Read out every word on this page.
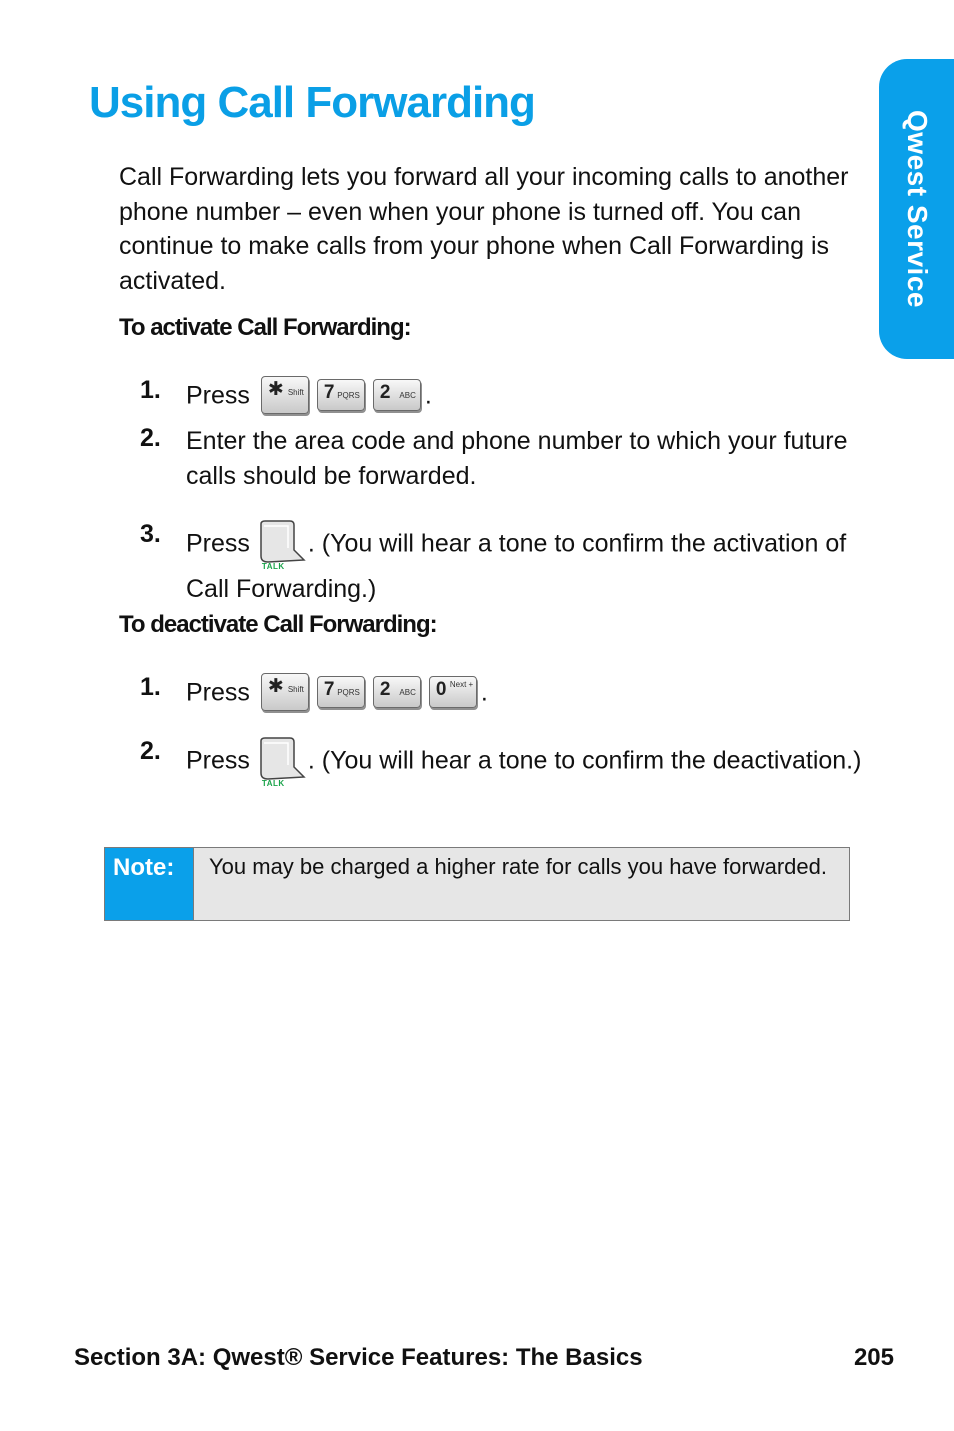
Qwest Service
Using Call Forwarding

Call Forwarding lets you forward all your incoming calls to another phone number – even when your phone is turned off. You can continue to make calls from your phone when Call Forwarding is activated.

To activate Call Forwarding:
1. Press ✱ Shift 7 PQRS 2 ABC .
2. Enter the area code and phone number to which your future calls should be forwarded.
3. Press
TALK
. (You will hear a tone to confirm the activation of Call Forwarding.)
To deactivate Call Forwarding:
1. Press ✱ Shift 7 PQRS 2 ABC 0 Next + .
2. Press
TALK
. (You will hear a tone to confirm the deactivation.)
Note:	You may be charged a higher rate for calls you have forwarded.

Section 3A: Qwest® Service Features: The Basics	205
